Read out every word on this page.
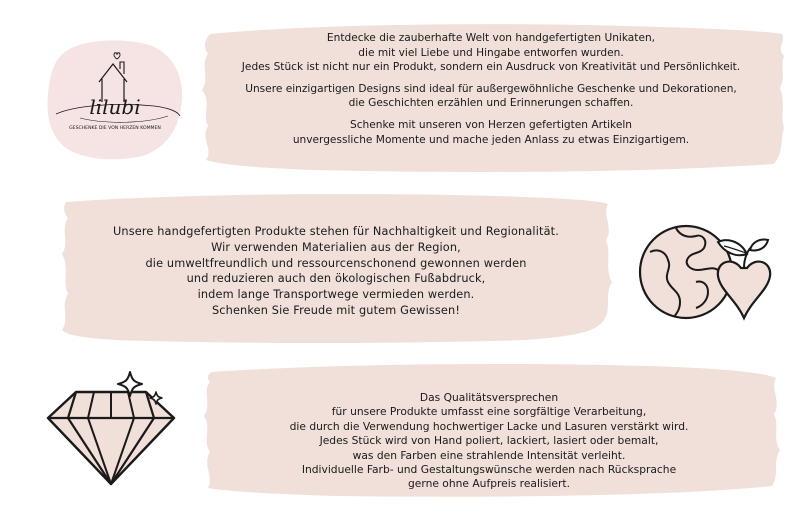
lilubi
GESCHENKE DIE VON HERZEN KOMMEN

Entdecke die zauberhafte Welt von handgefertigten Unikaten,

die mit viel Liebe und Hingabe entworfen wurden.

Jedes Stück ist nicht nur ein Produkt, sondern ein Ausdruck von Kreativität und Persönlichkeit.

Unsere einzigartigen Designs sind ideal für außergewöhnliche Geschenke und Dekorationen,

die Geschichten erzählen und Erinnerungen schaffen.

Schenke mit unseren von Herzen gefertigten Artikeln

unvergessliche Momente und mache jeden Anlass zu etwas Einzigartigem.

Unsere handgefertigten Produkte stehen für Nachhaltigkeit und Regionalität.

Wir verwenden Materialien aus der Region,

die umweltfreundlich und ressourcenschonend gewonnen werden

und reduzieren auch den ökologischen Fußabdruck,

indem lange Transportwege vermieden werden.

Schenken Sie Freude mit gutem Gewissen!

Das Qualitätsversprechen

für unsere Produkte umfasst eine sorgfältige Verarbeitung,

die durch die Verwendung hochwertiger Lacke und Lasuren verstärkt wird.

Jedes Stück wird von Hand poliert, lackiert, lasiert oder bemalt,

was den Farben eine strahlende Intensität verleiht.

Individuelle Farb- und Gestaltungswünsche werden nach Rücksprache

gerne ohne Aufpreis realisiert.
